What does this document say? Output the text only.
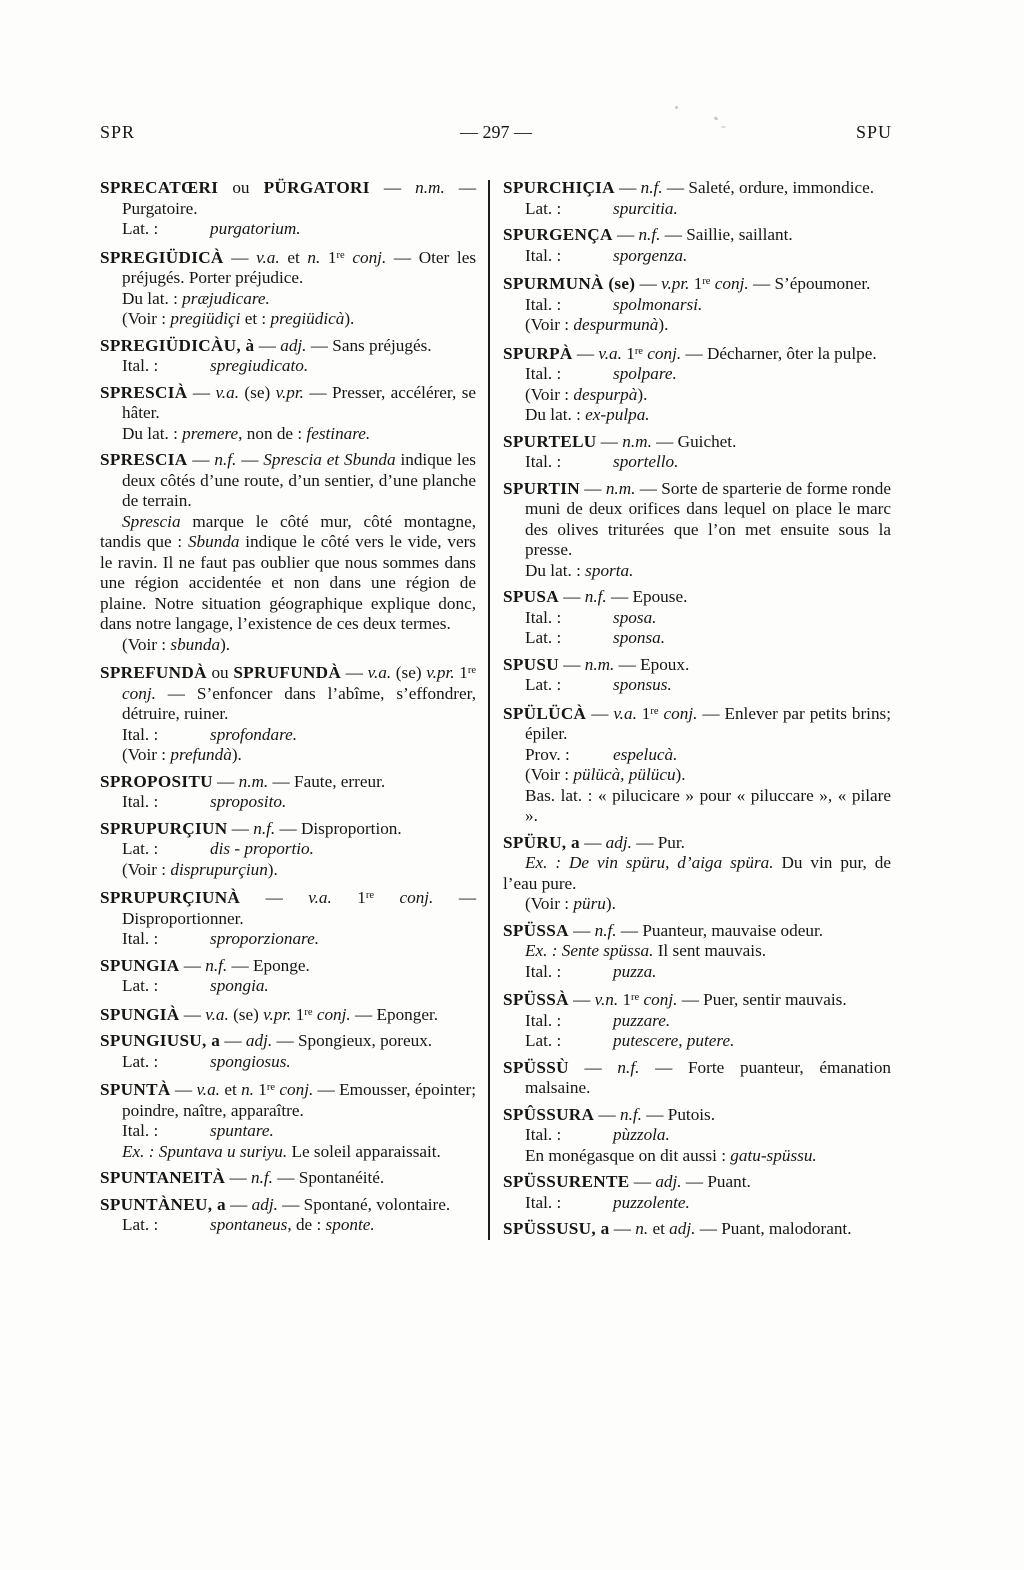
SPR	— 297 —	SPU

SPRECATŒRI ou PÜRGATORI — n.m. — Purgatoire.

Lat. :	purgatorium.

SPREGIÜDICÀ — v.a. et n. 1re conj. — Oter les préjugés. Porter préjudice.

Du lat. : præjudicare.

(Voir : pregiüdiçi et : pregiüdicà).

SPREGIÜDICÀU, à — adj. — Sans préjugés.

Ital. :	spregiudicato.

SPRESCIÀ — v.a. (se) v.pr. — Presser, accélérer, se hâter.

Du lat. : premere, non de : festinare.

SPRESCIA — n.f. — Sprescia et Sbunda indique les deux côtés d’une route, d’un sentier, d’une planche de terrain.

Sprescia marque le côté mur, côté montagne, tandis que : Sbunda indique le côté vers le vide, vers le ravin. Il ne faut pas oublier que nous sommes dans une région accidentée et non dans une région de plaine. Notre situation géographique explique donc, dans notre langage, l’existence de ces deux termes.

(Voir : sbunda).

SPREFUNDÀ ou SPRUFUNDÀ — v.a. (se) v.pr. 1re conj. — S’enfoncer dans l’abîme, s’effondrer, détruire, ruiner.

Ital. :	sprofondare.

(Voir : prefundà).

SPROPOSITU — n.m. — Faute, erreur.

Ital. :	sproposito.

SPRUPURÇIUN — n.f. — Disproportion.

Lat. :	dis - proportio.

(Voir : disprupurçiun).

SPRUPURÇIUNÀ — v.a. 1re conj. — Disproportionner.

Ital. :	sproporzionare.

SPUNGIA — n.f. — Eponge.

Lat. :	spongia.

SPUNGIÀ — v.a. (se) v.pr. 1re conj. — Eponger.

SPUNGIUSU, a — adj. — Spongieux, poreux.

Lat. :	spongiosus.

SPUNTÀ — v.a. et n. 1re conj. — Emousser, épointer; poindre, naître, apparaître.

Ital. :	spuntare.

Ex. : Spuntava u suriyu. Le soleil apparaissait.

SPUNTANEITÀ — n.f. — Spontanéité.

SPUNTÀNEU, a — adj. — Spontané, volontaire.

Lat. :	spontaneus, de : sponte.

SPURCHIÇIA — n.f. — Saleté, ordure, immondice.

Lat. :	spurcitia.

SPURGENÇA — n.f. — Saillie, saillant.

Ital. :	sporgenza.

SPURMUNÀ (se) — v.pr. 1re conj. — S’époumoner.

Ital. :	spolmonarsi.

(Voir : despurmunà).

SPURPÀ — v.a. 1re conj. — Décharner, ôter la pulpe.

Ital. :	spolpare.

(Voir : despurpà).

Du lat. : ex-pulpa.

SPURTELU — n.m. — Guichet.

Ital. :	sportello.

SPURTIN — n.m. — Sorte de sparterie de forme ronde muni de deux orifices dans lequel on place le marc des olives triturées que l’on met ensuite sous la presse.

Du lat. : sporta.

SPUSA — n.f. — Epouse.

Ital. :	sposa.

Lat. :	sponsa.

SPUSU — n.m. — Epoux.

Lat. :	sponsus.

SPÜLÜCÀ — v.a. 1re conj. — Enlever par petits brins; épiler.

Prov. :	espelucà.

(Voir : pülücà, pülücu).

Bas. lat. : « pilucicare » pour « piluccare », « pilare ».

SPÜRU, a — adj. — Pur.

Ex. : De vin spüru, d’aiga spüra. Du vin pur, de l’eau pure.

(Voir : püru).

SPÜSSA — n.f. — Puanteur, mauvaise odeur.

Ex. : Sente spüssa. Il sent mauvais.

Ital. :	puzza.

SPÜSSÀ — v.n. 1re conj. — Puer, sentir mauvais.

Ital. :	puzzare.

Lat. :	putescere, putere.

SPÜSSÙ — n.f. — Forte puanteur, émanation malsaine.

SPÛSSURA — n.f. — Putois.

Ital. :	pùzzola.

En monégasque on dit aussi : gatu-spüssu.

SPÜSSURENTE — adj. — Puant.

Ital. :	puzzolente.

SPÜSSUSU, a — n. et adj. — Puant, malodorant.
